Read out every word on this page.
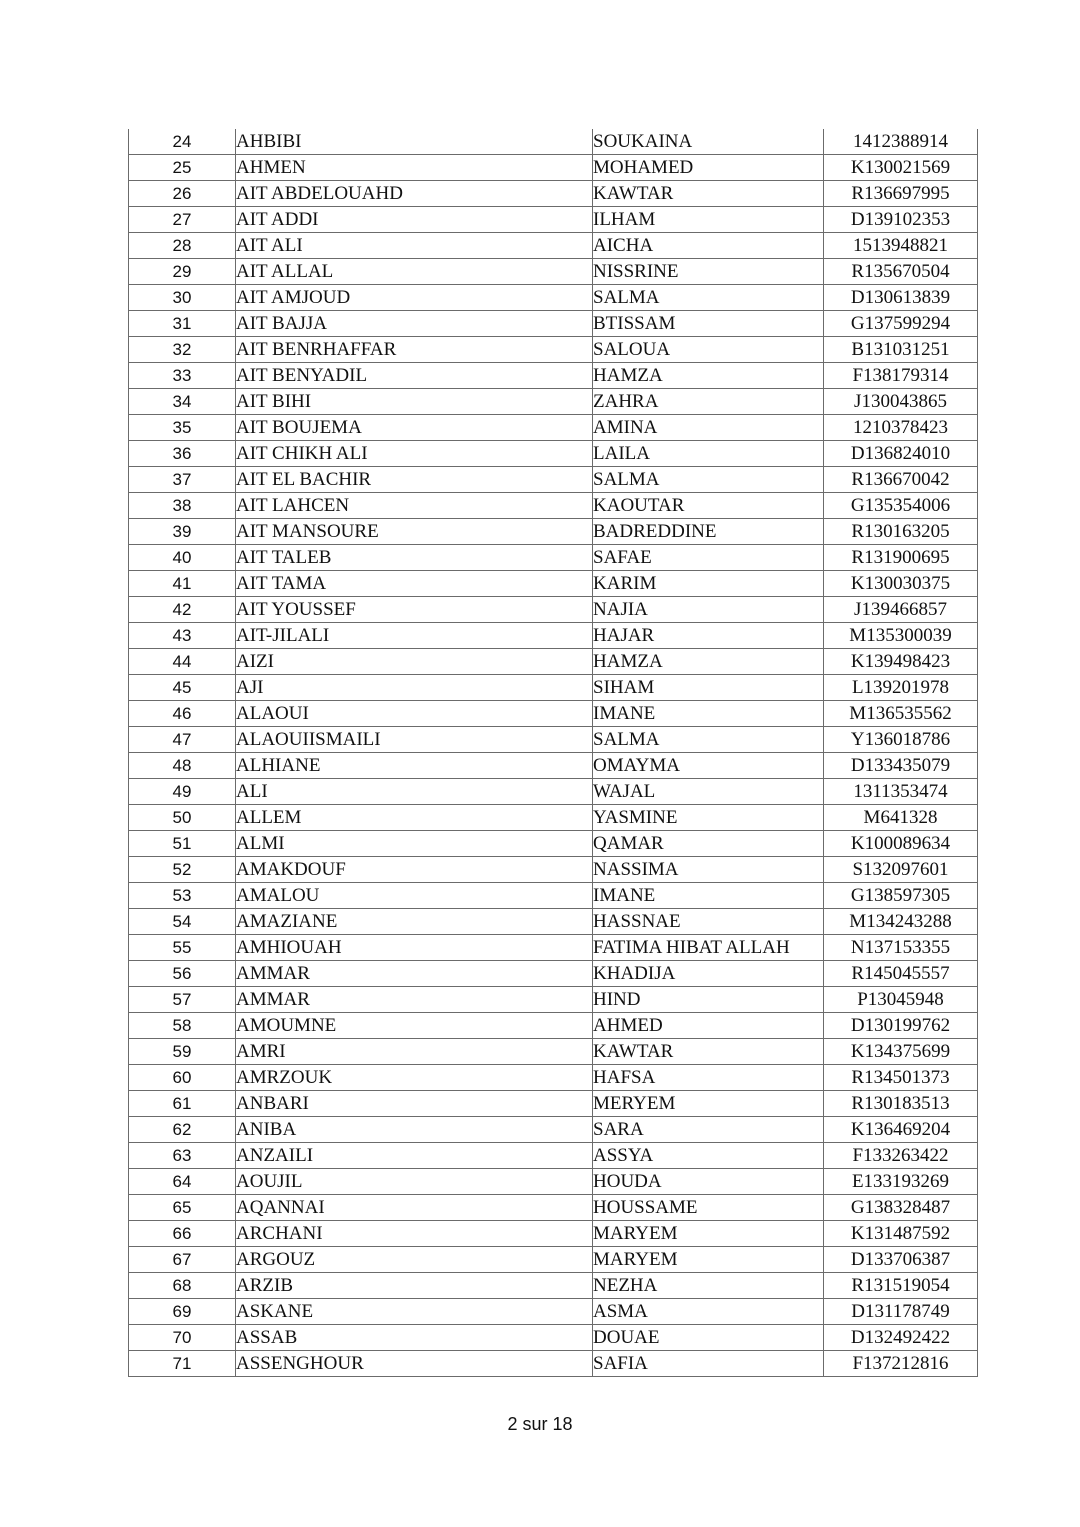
24	AHBIBI	SOUKAINA	1412388914
25	AHMEN	MOHAMED	K130021569
26	AIT ABDELOUAHD	KAWTAR	R136697995
27	AIT ADDI	ILHAM	D139102353
28	AIT ALI	AICHA	1513948821
29	AIT ALLAL	NISSRINE	R135670504
30	AIT AMJOUD	SALMA	D130613839
31	AIT BAJJA	BTISSAM	G137599294
32	AIT BENRHAFFAR	SALOUA	B131031251
33	AIT BENYADIL	HAMZA	F138179314
34	AIT BIHI	ZAHRA	J130043865
35	AIT BOUJEMA	AMINA	1210378423
36	AIT CHIKH ALI	LAILA	D136824010
37	AIT EL BACHIR	SALMA	R136670042
38	AIT LAHCEN	KAOUTAR	G135354006
39	AIT MANSOURE	BADREDDINE	R130163205
40	AIT TALEB	SAFAE	R131900695
41	AIT TAMA	KARIM	K130030375
42	AIT YOUSSEF	NAJIA	J139466857
43	AIT-JILALI	HAJAR	M135300039
44	AIZI	HAMZA	K139498423
45	AJI	SIHAM	L139201978
46	ALAOUI	IMANE	M136535562
47	ALAOUIISMAILI	SALMA	Y136018786
48	ALHIANE	OMAYMA	D133435079
49	ALI	WAJAL	1311353474
50	ALLEM	YASMINE	M641328
51	ALMI	QAMAR	K100089634
52	AMAKDOUF	NASSIMA	S132097601
53	AMALOU	IMANE	G138597305
54	AMAZIANE	HASSNAE	M134243288
55	AMHIOUAH	FATIMA HIBAT ALLAH	N137153355
56	AMMAR	KHADIJA	R145045557
57	AMMAR	HIND	P13045948
58	AMOUMNE	AHMED	D130199762
59	AMRI	KAWTAR	K134375699
60	AMRZOUK	HAFSA	R134501373
61	ANBARI	MERYEM	R130183513
62	ANIBA	SARA	K136469204
63	ANZAILI	ASSYA	F133263422
64	AOUJIL	HOUDA	E133193269
65	AQANNAI	HOUSSAME	G138328487
66	ARCHANI	MARYEM	K131487592
67	ARGOUZ	MARYEM	D133706387
68	ARZIB	NEZHA	R131519054
69	ASKANE	ASMA	D131178749
70	ASSAB	DOUAE	D132492422
71	ASSENGHOUR	SAFIA	F137212816
2 sur 18
